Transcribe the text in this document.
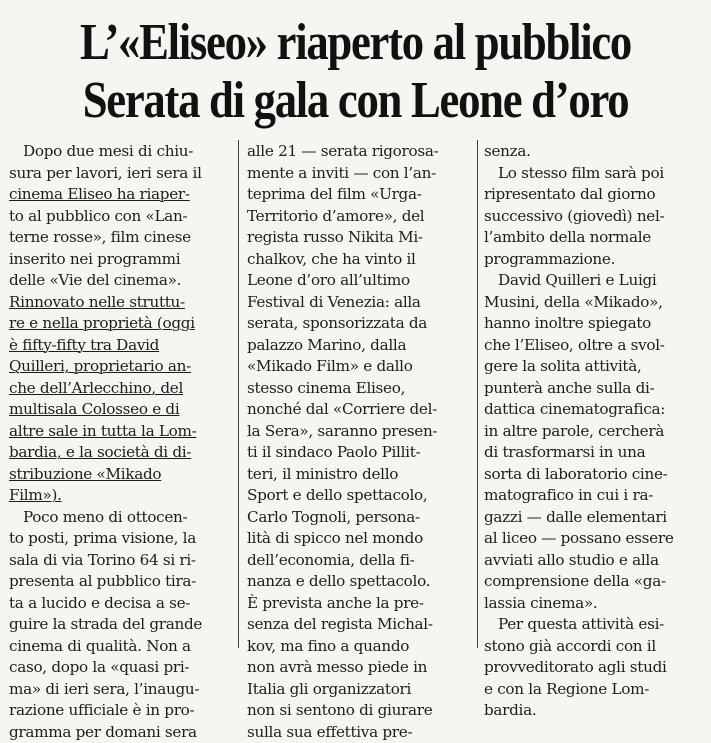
L’«Eliseo» riaperto al pubblico
Serata di gala con Leone d’oro
Dopo due mesi di chiu-
sura per lavori, ieri sera il
cinema Eliseo ha riaper-
to al pubblico con «Lan-
terne rosse», film cinese
inserito nei programmi
delle «Vie del cinema».
Rinnovato nelle struttu-
re e nella proprietà (oggi
è fifty-fifty tra David
Quilleri, proprietario an-
che dell’Arlecchino, del
multisala Colosseo e di
altre sale in tutta la Lom-
bardia, e la società di di-
stribuzione «Mikado
Film»).
Poco meno di ottocen-
to posti, prima visione, la
sala di via Torino 64 si ri-
presenta al pubblico tira-
ta a lucido e decisa a se-
guire la strada del grande
cinema di qualità. Non a
caso, dopo la «quasi pri-
ma» di ieri sera, l’inaugu-
razione ufficiale è in pro-
gramma per domani sera
alle 21 — serata rigorosa-
mente a inviti — con l’an-
teprima del film «Urga-
Territorio d’amore», del
regista russo Nikita Mi-
chalkov, che ha vinto il
Leone d’oro all’ultimo
Festival di Venezia: alla
serata, sponsorizzata da
palazzo Marino, dalla
«Mikado Film» e dallo
stesso cinema Eliseo,
nonché dal «Corriere del-
la Sera», saranno presen-
ti il sindaco Paolo Pillit-
teri, il ministro dello
Sport e dello spettacolo,
Carlo Tognoli, persona-
lità di spicco nel mondo
dell’economia, della fi-
nanza e dello spettacolo.
È prevista anche la pre-
senza del regista Michal-
kov, ma fino a quando
non avrà messo piede in
Italia gli organizzatori
non si sentono di giurare
sulla sua effettiva pre-
senza.
Lo stesso film sarà poi
ripresentato dal giorno
successivo (giovedì) nel-
l’ambito della normale
programmazione.
David Quilleri e Luigi
Musini, della «Mikado»,
hanno inoltre spiegato
che l’Eliseo, oltre a svol-
gere la solita attività,
punterà anche sulla di-
dattica cinematografica:
in altre parole, cercherà
di trasformarsi in una
sorta di laboratorio cine-
matografico in cui i ra-
gazzi — dalle elementari
al liceo — possano essere
avviati allo studio e alla
comprensione della «ga-
lassia cinema».
Per questa attività esi-
stono già accordi con il
provveditorato agli studi
e con la Regione Lom-
bardia.
